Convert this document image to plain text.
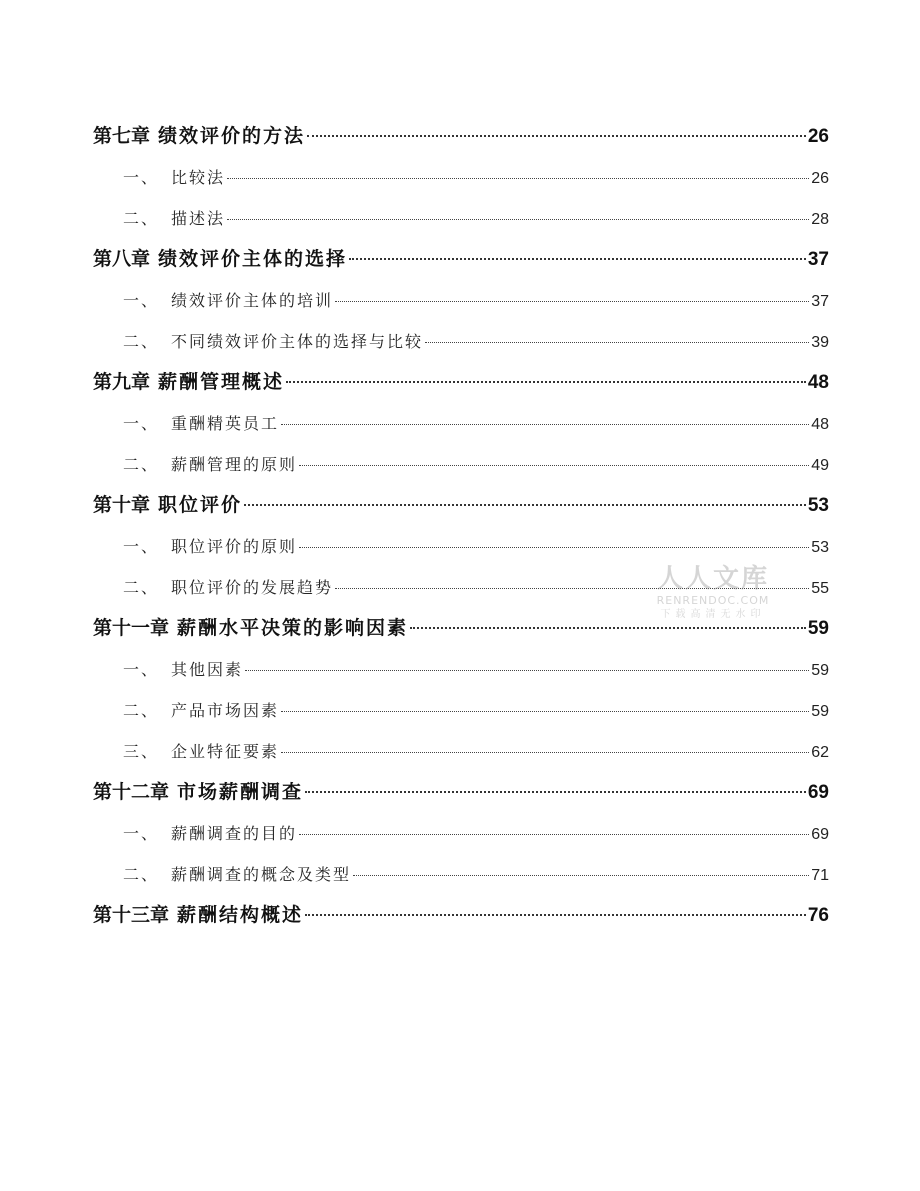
第七章 绩效评价的方法	26
一、 比较法	26
二、 描述法	28
第八章 绩效评价主体的选择	37
一、 绩效评价主体的培训	37
二、 不同绩效评价主体的选择与比较	39
第九章 薪酬管理概述	48
一、 重酬精英员工	48
二、 薪酬管理的原则	49
第十章 职位评价	53
一、 职位评价的原则	53
二、 职位评价的发展趋势	55
第十一章 薪酬水平决策的影响因素	59
一、 其他因素	59
二、 产品市场因素	59
三、 企业特征要素	62
第十二章 市场薪酬调查	69
一、 薪酬调查的目的	69
二、 薪酬调查的概念及类型	71
第十三章 薪酬结构概述	76
人人文库
RENRENDOC.COM
下载高清无水印
